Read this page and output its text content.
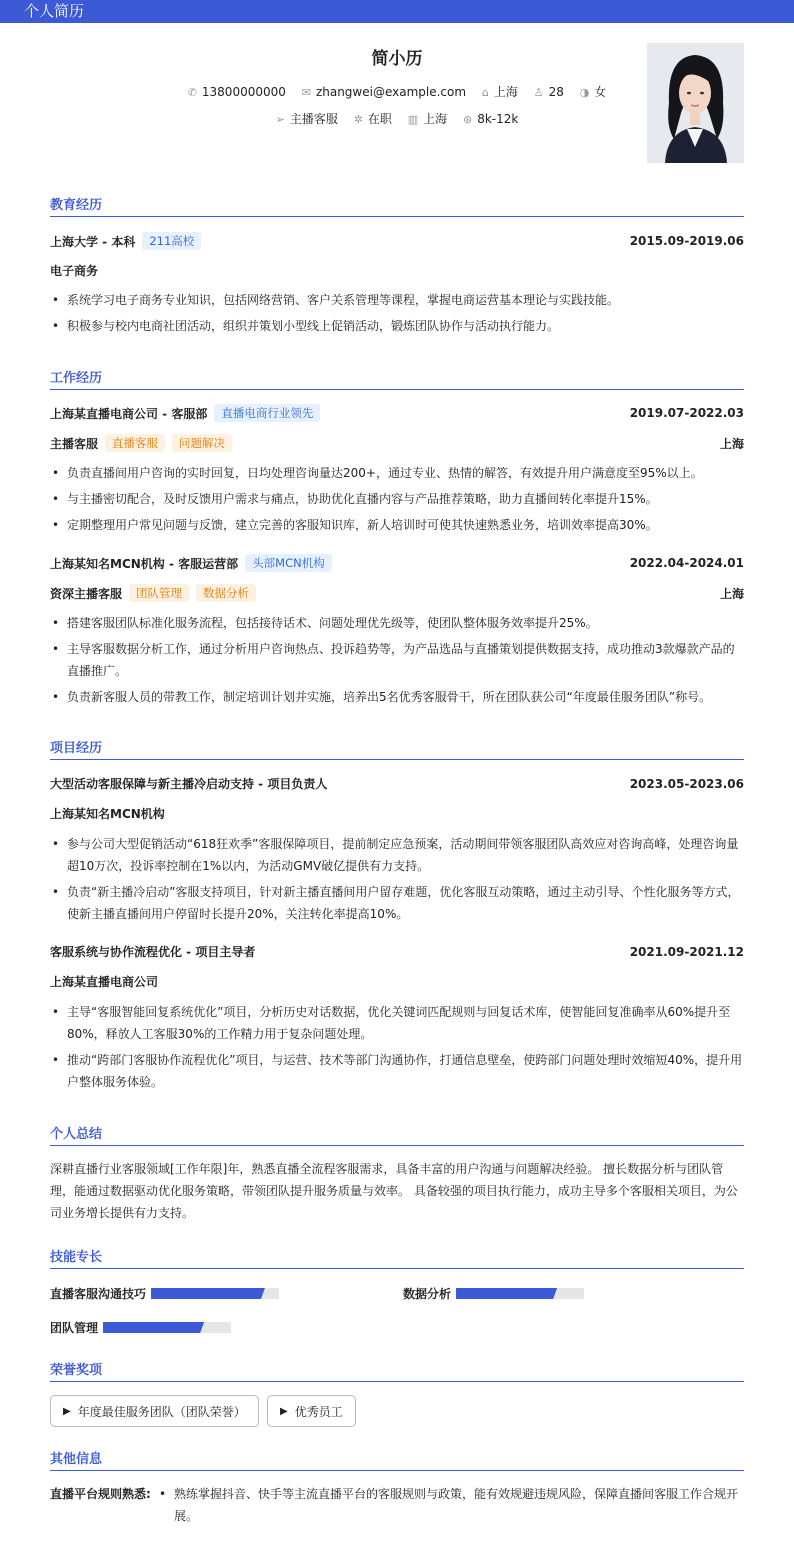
个人简历
简小历
✆ 13800000000 ✉ zhangwei@example.com ⌂ 上海 ♙ 28 ◑ 女
➢ 主播客服 ✲ 在职 ▥ 上海 ⊛ 8k-12k
教育经历
上海大学 - 本科	211高校	2015.09-2019.06
电子商务
• 系统学习电子商务专业知识，包括网络营销、客户关系管理等课程，掌握电商运营基本理论与实践技能。
• 积极参与校内电商社团活动，组织并策划小型线上促销活动，锻炼团队协作与活动执行能力。
工作经历
上海某直播电商公司 - 客服部	直播电商行业领先	2019.07-2022.03
主播客服	直播客服	问题解决	上海
• 负责直播间用户咨询的实时回复，日均处理咨询量达200+，通过专业、热情的解答，有效提升用户满意度至95%以上。
• 与主播密切配合，及时反馈用户需求与痛点，协助优化直播内容与产品推荐策略，助力直播间转化率提升15%。
• 定期整理用户常见问题与反馈，建立完善的客服知识库，新人培训时可使其快速熟悉业务，培训效率提高30%。
上海某知名MCN机构 - 客服运营部	头部MCN机构	2022.04-2024.01
资深主播客服	团队管理	数据分析	上海
• 搭建客服团队标准化服务流程，包括接待话术、问题处理优先级等，使团队整体服务效率提升25%。
• 主导客服数据分析工作，通过分析用户咨询热点、投诉趋势等，为产品选品与直播策划提供数据支持，成功推动3款爆款产品的直播推广。
• 负责新客服人员的带教工作，制定培训计划并实施，培养出5名优秀客服骨干，所在团队获公司“年度最佳服务团队”称号。
项目经历
大型活动客服保障与新主播冷启动支持 - 项目负责人	2023.05-2023.06
上海某知名MCN机构
• 参与公司大型促销活动“618狂欢季”客服保障项目，提前制定应急预案，活动期间带领客服团队高效应对咨询高峰，处理咨询量超10万次，投诉率控制在1%以内，为活动GMV破亿提供有力支持。
• 负责“新主播冷启动”客服支持项目，针对新主播直播间用户留存难题，优化客服互动策略，通过主动引导、个性化服务等方式，使新主播直播间用户停留时长提升20%，关注转化率提高10%。
客服系统与协作流程优化 - 项目主导者	2021.09-2021.12
上海某直播电商公司
• 主导“客服智能回复系统优化”项目，分析历史对话数据，优化关键词匹配规则与回复话术库，使智能回复准确率从60%提升至80%，释放人工客服30%的工作精力用于复杂问题处理。
• 推动“跨部门客服协作流程优化”项目，与运营、技术等部门沟通协作，打通信息壁垒，使跨部门问题处理时效缩短40%，提升用户整体服务体验。
个人总结
深耕直播行业客服领域[工作年限]年，熟悉直播全流程客服需求，具备丰富的用户沟通与问题解决经验。 擅长数据分析与团队管理，能通过数据驱动优化服务策略，带领团队提升服务质量与效率。 具备较强的项目执行能力，成功主导多个客服相关项目，为公司业务增长提供有力支持。
技能专长
直播客服沟通技巧	数据分析
团队管理
荣誉奖项
▶ 年度最佳服务团队（团队荣誉）	▶ 优秀员工
其他信息
直播平台规则熟悉:
•	熟练掌握抖音、快手等主流直播平台的客服规则与政策，能有效规避违规风险，保障直播间客服工作合规开展。
